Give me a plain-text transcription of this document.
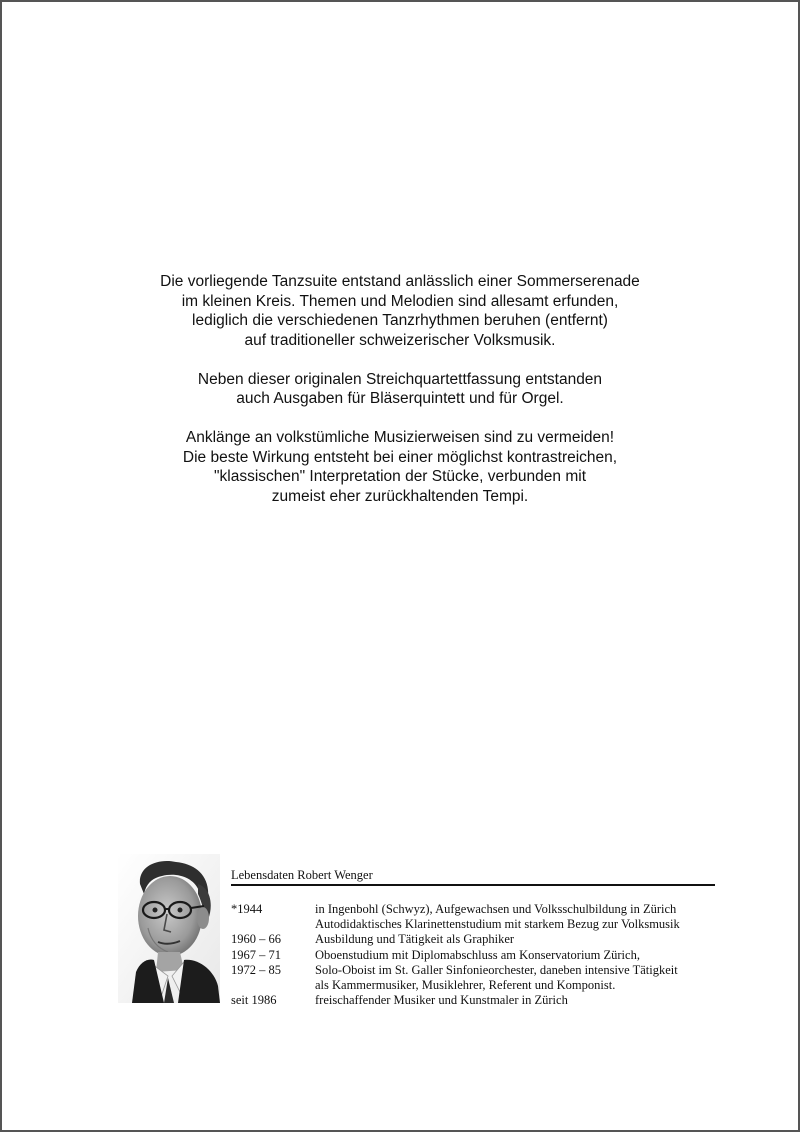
Die vorliegende Tanzsuite entstand anlässlich einer Sommerserenade
im kleinen Kreis. Themen und Melodien sind allesamt erfunden,
lediglich die verschiedenen Tanzrhythmen beruhen (entfernt)
auf traditioneller schweizerischer Volksmusik.
Neben dieser originalen Streichquartettfassung entstanden
auch Ausgaben für Bläserquintett und für Orgel.
Anklänge an volkstümliche Musizierweisen sind zu vermeiden!
Die beste Wirkung entsteht bei einer möglichst kontrastreichen,
"klassischen" Interpretation der Stücke, verbunden mit
zumeist eher zurückhaltenden Tempi.
Lebensdaten Robert Wenger
*1944	in Ingenbohl (Schwyz), Aufgewachsen und Volksschulbildung in Zürich
Autodidaktisches Klarinettenstudium mit starkem Bezug zur Volksmusik
1960 – 66	Ausbildung und Tätigkeit als Graphiker
1967 – 71	Oboenstudium mit Diplomabschluss am Konservatorium Zürich,
1972 – 85	Solo-Oboist im St. Galler Sinfonieorchester, daneben intensive Tätigkeit
als Kammermusiker, Musiklehrer, Referent und Komponist.
seit 1986	freischaffender Musiker und Kunstmaler in Zürich
